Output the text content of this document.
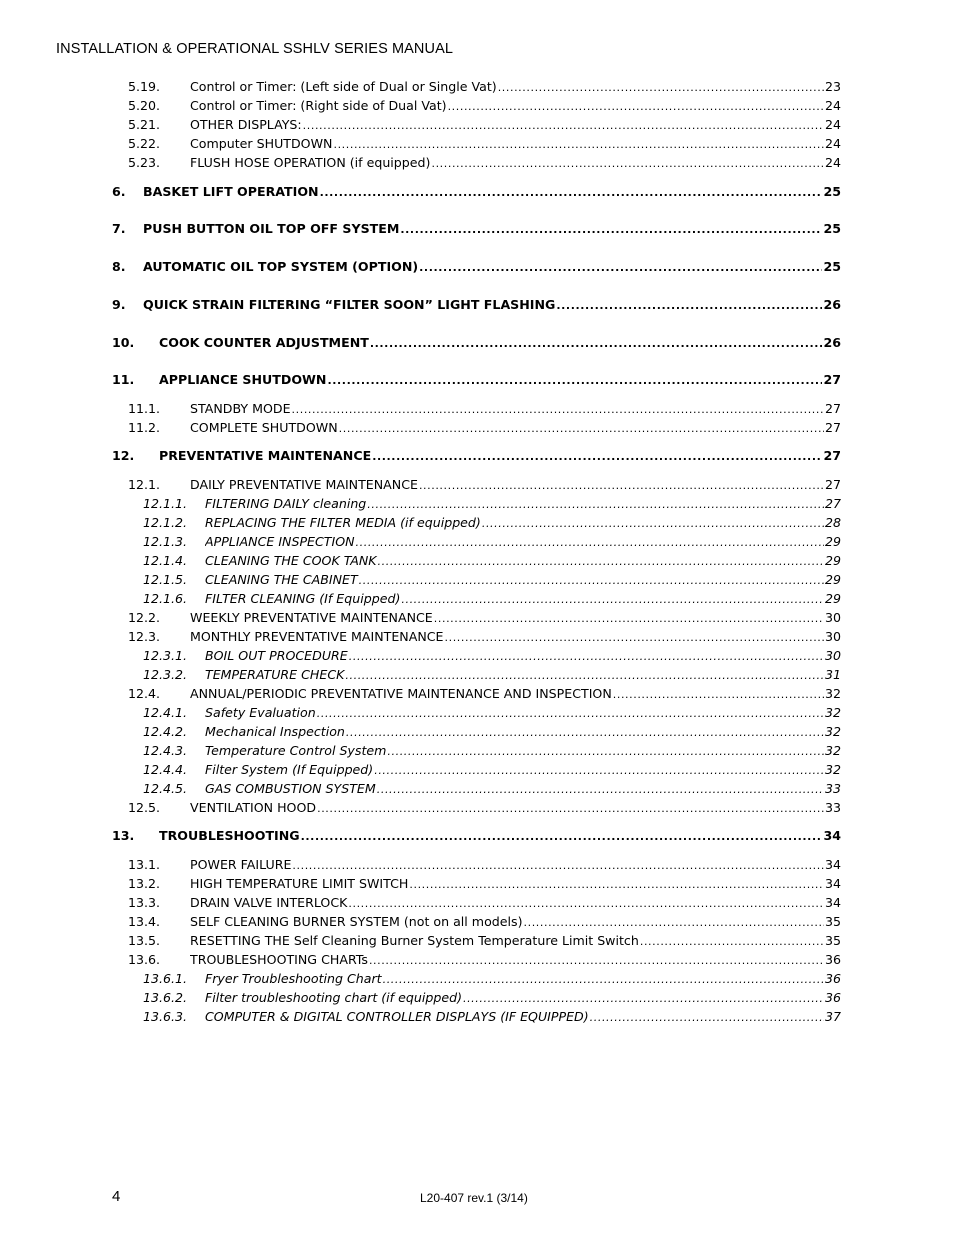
INSTALLATION & OPERATIONAL SSHLV SERIES MANUAL
5.19. Control or Timer: (Left side of Dual or Single Vat) .....	23
5.20. Control or Timer: (Right side of Dual Vat) .....	24
5.21. OTHER DISPLAYS: .....	24
5.22. Computer SHUTDOWN .....	24
5.23. FLUSH HOSE OPERATION (if equipped) .....	24
6. BASKET LIFT OPERATION .....	25
7. PUSH BUTTON OIL TOP OFF SYSTEM .....	25
8. AUTOMATIC OIL TOP SYSTEM (OPTION) .....	25
9. QUICK STRAIN FILTERING “FILTER SOON” LIGHT FLASHING .....	26
10. COOK COUNTER ADJUSTMENT .....	26
11. APPLIANCE SHUTDOWN .....	27
11.1. STANDBY MODE .....	27
11.2. COMPLETE SHUTDOWN .....	27
12. PREVENTATIVE MAINTENANCE .....	27
12.1. DAILY PREVENTATIVE MAINTENANCE .....	27
12.1.1. FILTERING DAILY cleaning .....	27
12.1.2. REPLACING THE FILTER MEDIA (if equipped) .....	28
12.1.3. APPLIANCE INSPECTION .....	29
12.1.4. CLEANING THE COOK TANK .....	29
12.1.5. CLEANING THE CABINET .....	29
12.1.6. FILTER CLEANING (If Equipped) .....	29
12.2. WEEKLY PREVENTATIVE MAINTENANCE .....	30
12.3. MONTHLY PREVENTATIVE MAINTENANCE .....	30
12.3.1. BOIL OUT PROCEDURE .....	30
12.3.2. TEMPERATURE CHECK .....	31
12.4. ANNUAL/PERIODIC PREVENTATIVE MAINTENANCE AND INSPECTION .....	32
12.4.1. Safety Evaluation .....	32
12.4.2. Mechanical Inspection .....	32
12.4.3. Temperature Control System .....	32
12.4.4. Filter System (If Equipped) .....	32
12.4.5. GAS COMBUSTION SYSTEM .....	33
12.5. VENTILATION HOOD .....	33
13. TROUBLESHOOTING .....	34
13.1. POWER FAILURE .....	34
13.2. HIGH TEMPERATURE LIMIT SWITCH .....	34
13.3. DRAIN VALVE INTERLOCK .....	34
13.4. SELF CLEANING BURNER SYSTEM (not on all models) .....	35
13.5. RESETTING THE Self Cleaning Burner System Temperature Limit Switch .....	35
13.6. TROUBLESHOOTING CHARTs .....	36
13.6.1. Fryer Troubleshooting Chart .....	36
13.6.2. Filter troubleshooting chart (if equipped) .....	36
13.6.3. COMPUTER & DIGITAL CONTROLLER DISPLAYS (IF EQUIPPED) .....	37
4	L20-407 rev.1 (3/14)
